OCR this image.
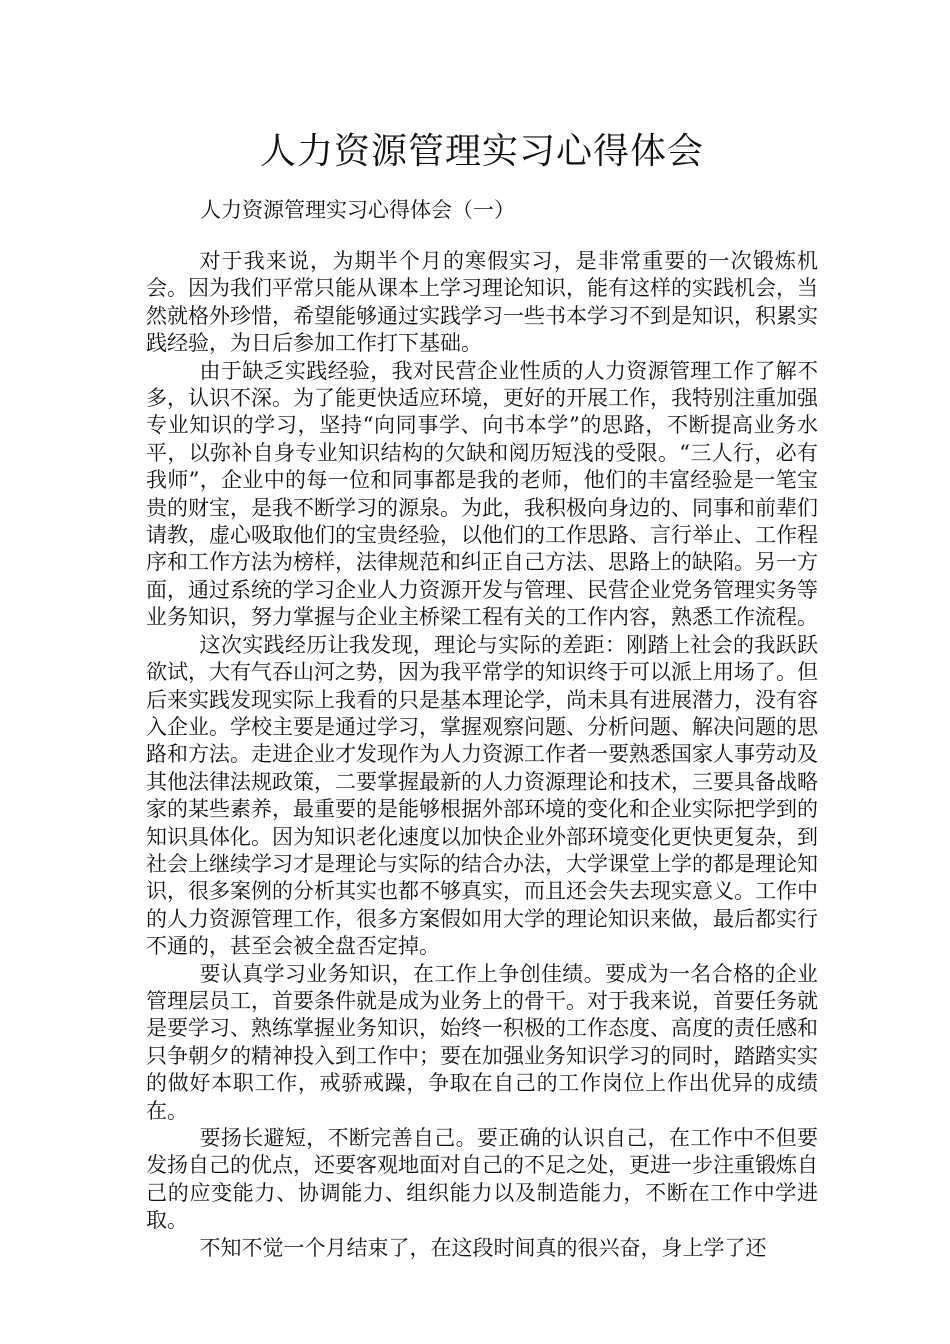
人力资源管理实习心得体会
人力资源管理实习心得体会（一）

对于我来说，为期半个月的寒假实习，是非常重要的一次锻炼机会。因为我们平常只能从课本上学习理论知识，能有这样的实践机会，当然就格外珍惜，希望能够通过实践学习一些书本学习不到是知识，积累实践经验，为日后参加工作打下基础。

由于缺乏实践经验，我对民营企业性质的人力资源管理工作了解不多，认识不深。为了能更快适应环境，更好的开展工作，我特别注重加强专业知识的学习，坚持“向同事学、向书本学”的思路，不断提高业务水平，以弥补自身专业知识结构的欠缺和阅历短浅的受限。“三人行，必有我师”，企业中的每一位和同事都是我的老师，他们的丰富经验是一笔宝贵的财宝，是我不断学习的源泉。为此，我积极向身边的、同事和前辈们请教，虚心吸取他们的宝贵经验，以他们的工作思路、言行举止、工作程序和工作方法为榜样，法律规范和纠正自己方法、思路上的缺陷。另一方面，通过系统的学习企业人力资源开发与管理、民营企业党务管理实务等业务知识，努力掌握与企业主桥梁工程有关的工作内容，熟悉工作流程。

这次实践经历让我发现，理论与实际的差距：刚踏上社会的我跃跃欲试，大有气吞山河之势，因为我平常学的知识终于可以派上用场了。但后来实践发现实际上我看的只是基本理论学，尚未具有进展潜力，没有容入企业。学校主要是通过学习，掌握观察问题、分析问题、解决问题的思路和方法。走进企业才发现作为人力资源工作者一要熟悉国家人事劳动及其他法律法规政策，二要掌握最新的人力资源理论和技术，三要具备战略家的某些素养，最重要的是能够根据外部环境的变化和企业实际把学到的知识具体化。因为知识老化速度以加快企业外部环境变化更快更复杂，到社会上继续学习才是理论与实际的结合办法，大学课堂上学的都是理论知识，很多案例的分析其实也都不够真实，而且还会失去现实意义。工作中的人力资源管理工作，很多方案假如用大学的理论知识来做，最后都实行不通的，甚至会被全盘否定掉。

要认真学习业务知识，在工作上争创佳绩。要成为一名合格的企业管理层员工，首要条件就是成为业务上的骨干。对于我来说，首要任务就是要学习、熟练掌握业务知识，始终一积极的工作态度、高度的责任感和只争朝夕的精神投入到工作中；要在加强业务知识学习的同时，踏踏实实的做好本职工作，戒骄戒躁，争取在自己的工作岗位上作出优异的成绩在。

要扬长避短，不断完善自己。要正确的认识自己，在工作中不但要发扬自己的优点，还要客观地面对自己的不足之处，更进一步注重锻炼自己的应变能力、协调能力、组织能力以及制造能力，不断在工作中学进取。

不知不觉一个月结束了，在这段时间真的很兴奋，身上学了还
